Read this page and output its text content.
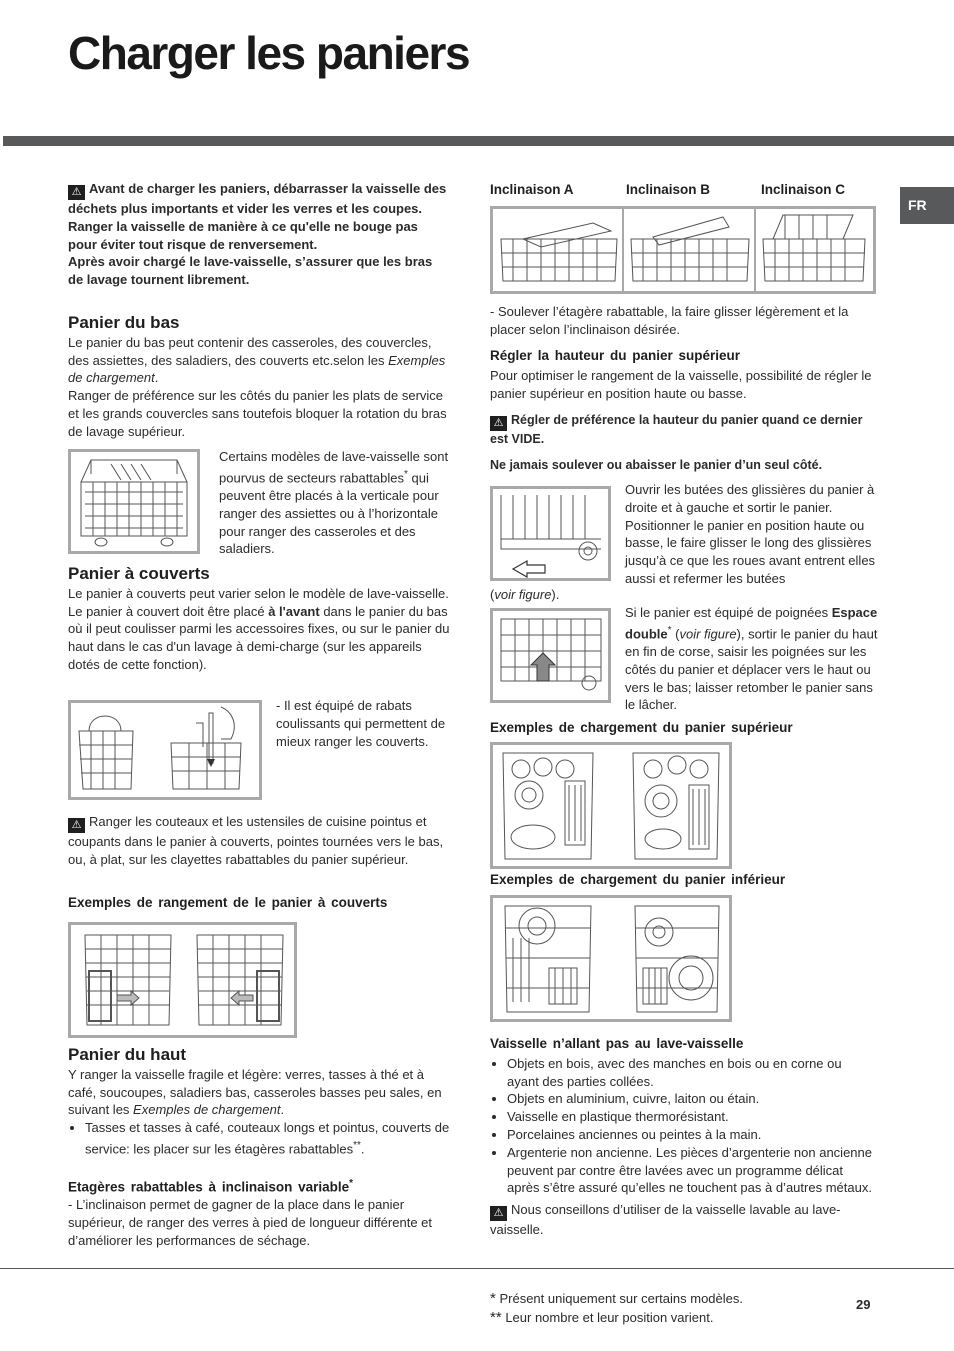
Charger les paniers
FR

⚠ Avant de charger les paniers, débarrasser la vaisselle des déchets plus importants et vider les verres et les coupes.

Ranger la vaisselle de manière à ce qu'elle ne bouge pas pour éviter tout risque de renversement.

Après avoir chargé le lave-vaisselle, s’assurer que les bras de lavage tournent librement.

Panier du bas

Le panier du bas peut contenir des casseroles, des couvercles, des assiettes, des saladiers, des couverts etc.selon les Exemples de chargement.

Ranger de préférence sur les côtés du panier les plats de service et les grands couvercles sans toutefois bloquer la rotation du bras de lavage supérieur.

Certains modèles de lave-vaisselle sont pourvus de secteurs rabattables* qui peuvent être placés à la verticale pour ranger des assiettes ou à l’horizontale pour ranger des casseroles et des saladiers.

Panier à couverts

Le panier à couverts peut varier selon le modèle de lave-vaisselle.

Le panier à couvert doit être placé à l'avant dans le panier du bas où il peut coulisser parmi les accessoires fixes, ou sur le panier du haut dans le cas d'un lavage à demi-charge (sur les appareils dotés de cette fonction).

- Il est équipé de rabats coulissants qui permettent de mieux ranger les couverts.

⚠ Ranger les couteaux et les ustensiles de cuisine pointus et coupants dans le panier à couverts, pointes tournées vers le bas, ou, à plat, sur les clayettes rabattables du panier supérieur.

Exemples de rangement de le panier à couverts

Panier du haut

Y ranger la vaisselle fragile et légère: verres, tasses à thé et à café, soucoupes, saladiers bas, casseroles basses peu sales, en suivant les Exemples de chargement.

• Tasses et tasses à café, couteaux longs et pointus, couverts de service: les placer sur les étagères rabattables**.

Etagères rabattables à inclinaison variable*

- L’inclinaison permet de gagner de la place dans le panier supérieur, de ranger des verres à pied de longueur différente et d’améliorer les performances de séchage.

Inclinaison A	Inclinaison B	Inclinaison C

- Soulever l’étagère rabattable, la faire glisser légèrement et la placer selon l’inclinaison désirée.

Régler la hauteur du panier supérieur

Pour optimiser le rangement de la vaisselle, possibilité de régler le panier supérieur en position haute ou basse.

⚠ Régler de préférence la hauteur du panier quand ce dernier est VIDE.

Ne jamais soulever ou abaisser le panier d’un seul côté.

Ouvrir les butées des glissières du panier à droite et à gauche et sortir le panier. Positionner le panier en position haute ou basse, le faire glisser le long des glissières jusqu’à ce que les roues avant entrent elles aussi et refermer les butées

(voir figure).

Si le panier est équipé de poignées Espace double* (voir figure), sortir le panier du haut en fin de corse, saisir les poignées sur les côtés du panier et déplacer vers le haut ou vers le bas; laisser retomber le panier sans le lâcher.

Exemples de chargement du panier supérieur

Exemples de chargement du panier inférieur

Vaisselle n’allant pas au lave-vaisselle

• Objets en bois, avec des manches en bois ou en corne ou ayant des parties collées.
• Objets en aluminium, cuivre, laiton ou étain.
• Vaisselle en plastique thermorésistant.
• Porcelaines anciennes ou peintes à la main.
• Argenterie non ancienne. Les pièces d’argenterie non ancienne peuvent par contre être lavées avec un programme délicat après s’être assuré qu’elles ne touchent pas à d’autres métaux.

⚠ Nous conseillons d’utiliser de la vaisselle lavable au lave-vaisselle.

* Présent uniquement sur certains modèles.
** Leur nombre et leur position varient.
29
